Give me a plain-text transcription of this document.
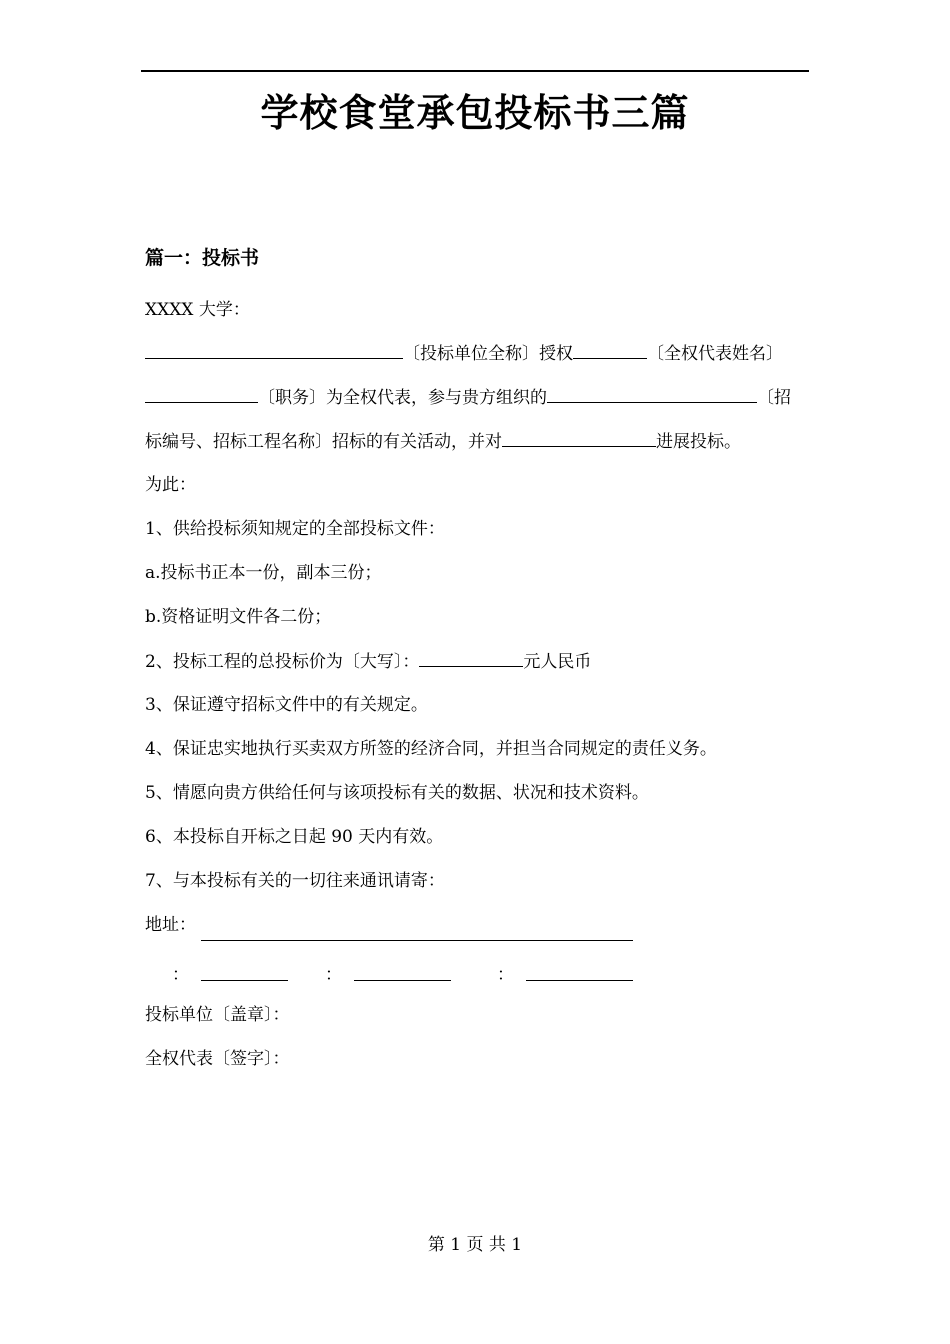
学校食堂承包投标书三篇
篇一：投标书
XXXX 大学：
〔投标单位全称〕授权	〔全权代表姓名〕
〔职务〕为全权代表，参与贵方组织的	〔招
标编号、招标工程名称〕招标的有关活动，并对	进展投标。
为此：
1、供给投标须知规定的全部投标文件：
a.投标书正本一份，副本三份；
b.资格证明文件各二份；
2、投标工程的总投标价为〔大写〕：	元人民币
3、保证遵守招标文件中的有关规定。
4、保证忠实地执行买卖双方所签的经济合同，并担当合同规定的责任义务。
5、情愿向贵方供给任何与该项投标有关的数据、状况和技术资料。
6、本投标自开标之日起 90 天内有效。
7、与本投标有关的一切往来通讯请寄：
地址：
：	：	：
投标单位〔盖章〕：
全权代表〔签字〕：
第 1 页 共 1
